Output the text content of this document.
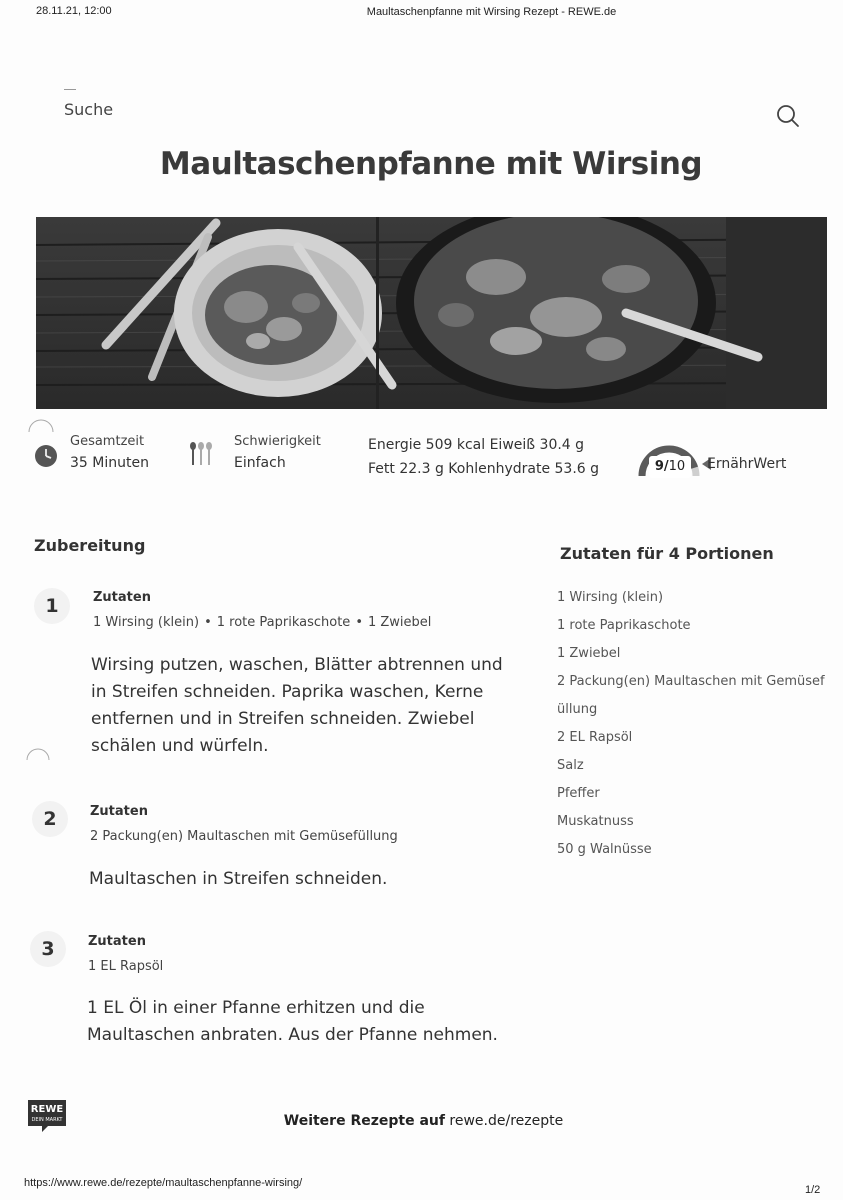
28.11.21, 12:00	Maultaschenpfanne mit Wirsing Rezept - REWE.de
Suche
Maultaschenpfanne mit Wirsing
Gesamtzeit
35 Minuten
Schwierigkeit
Einfach
Energie 509 kcal Eiweiß 30.4 g
Fett 22.3 g Kohlenhydrate 53.6 g	9/10	ErnährWert
Zubereitung
1	Zutaten
1 Wirsing (klein) • 1 rote Paprikaschote • 1 Zwiebel

Wirsing putzen, waschen, Blätter abtrennen und in Streifen schneiden. Paprika waschen, Kerne entfernen und in Streifen schneiden. Zwiebel schälen und würfeln.

2	Zutaten
2 Packung(en) Maultaschen mit Gemüsefüllung

Maultaschen in Streifen schneiden.

3	Zutaten
1 EL Rapsöl

1 EL Öl in einer Pfanne erhitzen und die Maultaschen anbraten. Aus der Pfanne nehmen.

Zutaten für 4 Portionen
1 Wirsing (klein)
1 rote Paprikaschote
1 Zwiebel
2 Packung(en) Maultaschen mit Gemüsef
üllung
2 EL Rapsöl
Salz
Pfeffer
Muskatnuss
50 g Walnüsse
REWE
DEIN MARKT	Weitere Rezepte auf rewe.de/rezepte
https://www.rewe.de/rezepte/maultaschenpfanne-wirsing/
1/2
